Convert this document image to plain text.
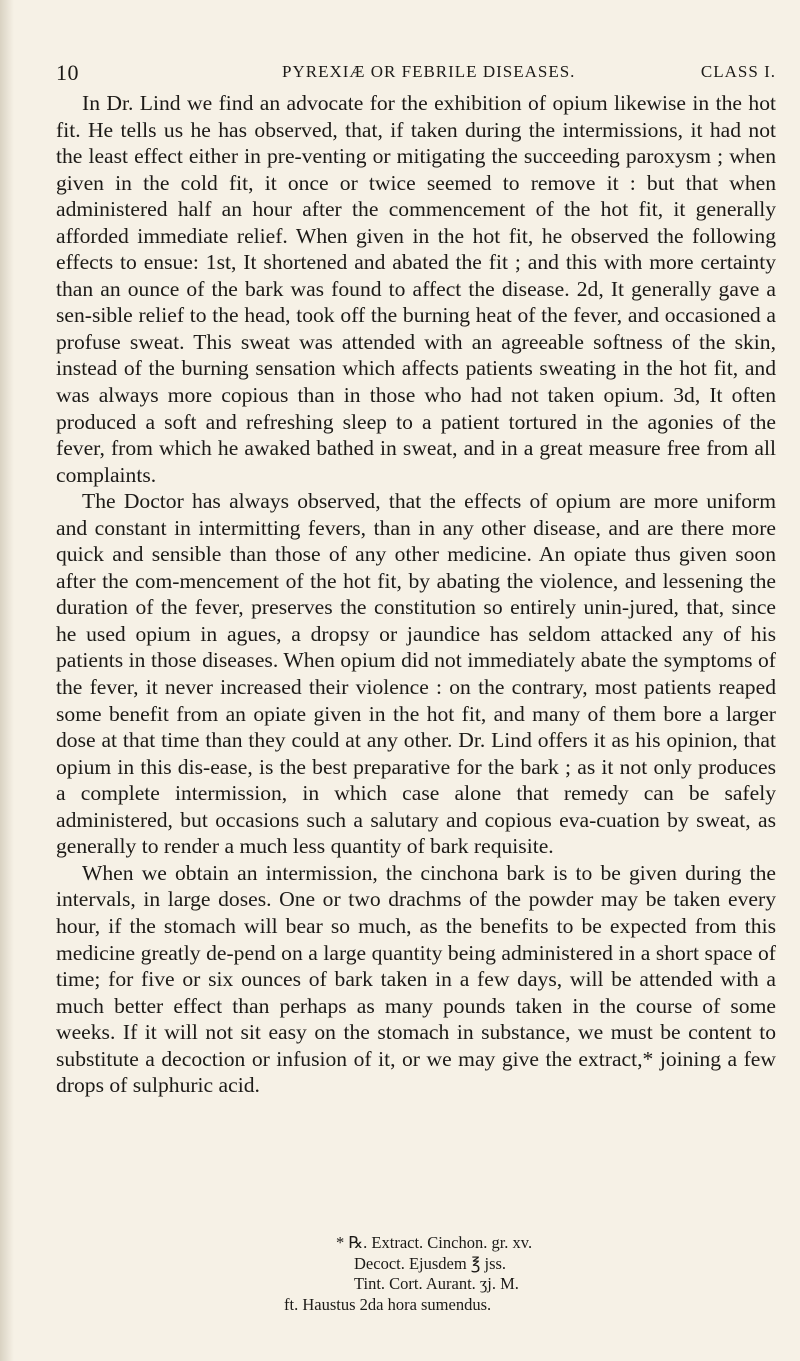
10	PYREXIÆ OR FEBRILE DISEASES.	CLASS I.

In Dr. Lind we find an advocate for the exhibition of opium likewise in the hot fit. He tells us he has observed, that, if taken during the intermissions, it had not the least effect either in pre-venting or mitigating the succeeding paroxysm ; when given in the cold fit, it once or twice seemed to remove it : but that when administered half an hour after the commencement of the hot fit, it generally afforded immediate relief. When given in the hot fit, he observed the following effects to ensue: 1st, It shortened and abated the fit ; and this with more certainty than an ounce of the bark was found to affect the disease. 2d, It generally gave a sen-sible relief to the head, took off the burning heat of the fever, and occasioned a profuse sweat. This sweat was attended with an agreeable softness of the skin, instead of the burning sensation which affects patients sweating in the hot fit, and was always more copious than in those who had not taken opium. 3d, It often produced a soft and refreshing sleep to a patient tortured in the agonies of the fever, from which he awaked bathed in sweat, and in a great measure free from all complaints.

The Doctor has always observed, that the effects of opium are more uniform and constant in intermitting fevers, than in any other disease, and are there more quick and sensible than those of any other medicine. An opiate thus given soon after the com-mencement of the hot fit, by abating the violence, and lessening the duration of the fever, preserves the constitution so entirely unin-jured, that, since he used opium in agues, a dropsy or jaundice has seldom attacked any of his patients in those diseases. When opium did not immediately abate the symptoms of the fever, it never increased their violence : on the contrary, most patients reaped some benefit from an opiate given in the hot fit, and many of them bore a larger dose at that time than they could at any other. Dr. Lind offers it as his opinion, that opium in this dis-ease, is the best preparative for the bark ; as it not only produces a complete intermission, in which case alone that remedy can be safely administered, but occasions such a salutary and copious eva-cuation by sweat, as generally to render a much less quantity of bark requisite.

When we obtain an intermission, the cinchona bark is to be given during the intervals, in large doses. One or two drachms of the powder may be taken every hour, if the stomach will bear so much, as the benefits to be expected from this medicine greatly de-pend on a large quantity being administered in a short space of time; for five or six ounces of bark taken in a few days, will be attended with a much better effect than perhaps as many pounds taken in the course of some weeks. If it will not sit easy on the stomach in substance, we must be content to substitute a decoction or infusion of it, or we may give the extract,* joining a few drops of sulphuric acid.

* ℞. Extract. Cinchon. gr. xv.
Decoct. Ejusdem ℥ jss.
Tint. Cort. Aurant. ʒj. M.
ft. Haustus 2da hora sumendus.
